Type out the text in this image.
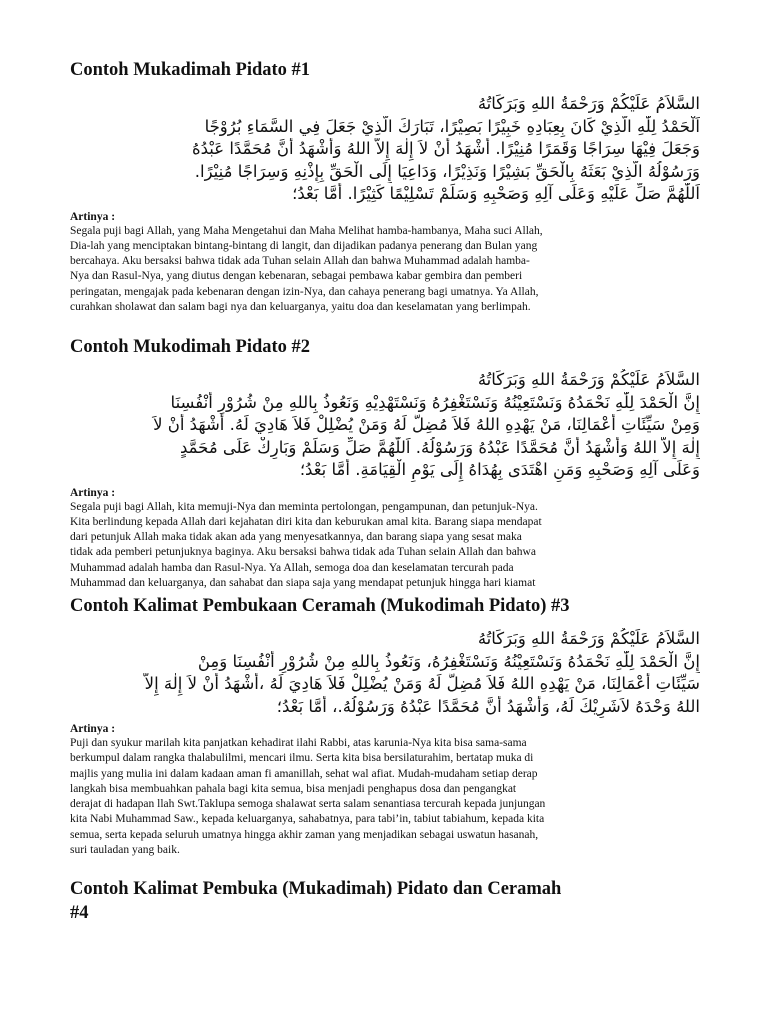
Contoh Mukadimah Pidato #1
السَّلاَمُ عَلَيْكُمْ وَرَحْمَةُ اللهِ وَبَرَكَاتُهُ
اَلْحَمْدُ لِلّٰهِ الَّذِيْ كَانَ بِعِبَادِهِ خَبِيْرًا بَصِيْرًا، تَبَارَكَ الَّذِيْ جَعَلَ فِي السَّمَاءِ بُرُوْجًا
وَجَعَلَ فِيْهَا سِرَاجًا وَقَمَرًا مُنِيْرًا. أَشْهَدُ أَنْ لاَ إِلٰهَ إِلاَّ اللهُ وَأَشْهَدُ أَنَّ مُحَمَّدًا عَبْدُهُ
وَرَسُوْلُهُ الَّذِيْ بَعَثَهُ بِالْحَقِّ بَشِيْرًا وَنَذِيْرًا، وَدَاعِيَا إِلَى الْحَقِّ بِإِذْنِهِ وَسِرَاجًا مُنِيْرًا.
اَللّٰهُمَّ صَلِّ عَلَيْهِ وَعَلَى آلِهِ وَصَحْبِهِ وَسَلِّمْ تَسْلِيْمًا كَثِيْرًا. أَمَّا بَعْدُ؛
Artinya :
Segala puji bagi Allah, yang Maha Mengetahui dan Maha Melihat hamba-hambanya, Maha suci Allah,
Dia-lah yang menciptakan bintang-bintang di langit, dan dijadikan padanya penerang dan Bulan yang
bercahaya. Aku bersaksi bahwa tidak ada Tuhan selain Allah dan bahwa Muhammad adalah hamba-
Nya dan Rasul-Nya, yang diutus dengan kebenaran, sebagai pembawa kabar gembira dan pemberi
peringatan, mengajak pada kebenaran dengan izin-Nya, dan cahaya penerang bagi umatnya. Ya Allah,
curahkan sholawat dan salam bagi nya dan keluarganya, yaitu doa dan keselamatan yang berlimpah.
Contoh Mukodimah Pidato #2
السَّلاَمُ عَلَيْكُمْ وَرَحْمَةُ اللهِ وَبَرَكَاتُهُ
إِنَّ الْحَمْدَ لِلّٰهِ نَحْمَدُهُ وَنَسْتَعِيْنُهُ وَنَسْتَغْفِرُهُ وَنَسْتَهْدِيْهِ وَنَعُوذُ بِاللهِ مِنْ شُرُوْرِ أَنْفُسِنَا
وَمِنْ سَيِّئَاتِ أَعْمَالِنَا، مَنْ يَهْدِهِ اللهُ فَلاَ مُضِلَّ لَهُ وَمَنْ يُضْلِلْ فَلاَ هَادِيَ لَهُ. أَشْهَدُ أَنْ لاَ
إِلٰهَ إِلاَّ اللهُ وَأَشْهَدُ أَنَّ مُحَمَّدًا عَبْدُهُ وَرَسُوْلُهُ. اَللّٰهُمَّ صَلِّ وَسَلِّمْ وَبَارِكْ عَلَى مُحَمَّدٍ
وَعَلَى آلِهِ وَصَحْبِهِ وَمَنِ اهْتَدَى بِهُدَاهُ إِلَى يَوْمِ الْقِيَامَةِ. أَمَّا بَعْدُ؛
Artinya :
Segala puji bagi Allah, kita memuji-Nya dan meminta pertolongan, pengampunan, dan petunjuk-Nya.
Kita berlindung kepada Allah dari kejahatan diri kita dan keburukan amal kita. Barang siapa mendapat
dari petunjuk Allah maka tidak akan ada yang menyesatkannya, dan barang siapa yang sesat maka
tidak ada pemberi petunjuknya baginya. Aku bersaksi bahwa tidak ada Tuhan selain Allah dan bahwa
Muhammad adalah hamba dan Rasul-Nya. Ya Allah, semoga doa dan keselamatan tercurah pada
Muhammad dan keluarganya, dan sahabat dan siapa saja yang mendapat petunjuk hingga hari kiamat
Contoh Kalimat Pembukaan Ceramah (Mukodimah Pidato) #3
السَّلاَمُ عَلَيْكُمْ وَرَحْمَةُ اللهِ وَبَرَكَاتُهُ
إِنَّ الْحَمْدَ لِلّٰهِ نَحْمَدُهُ وَنَسْتَعِيْنُهُ وَنَسْتَغْفِرُهُ، وَنَعُوذُ بِاللهِ مِنْ شُرُوْرِ أَنْفُسِنَا وَمِنْ
سَيِّئَاتِ أَعْمَالِنَا، مَنْ يَهْدِهِ اللهُ فَلاَ مُضِلَّ لَهُ وَمَنْ يُضْلِلْ فَلاَ هَادِيَ لَهُ ،أَشْهَدُ أَنْ لاَ إِلٰهَ إِلاَّ
اللهُ وَحْدَهُ لاَشَرِيْكَ لَهُ، وَأَشْهَدُ أَنَّ مُحَمَّدًا عَبْدُهُ وَرَسُوْلُهُ.، أَمَّا بَعْدُ؛
Artinya :
Puji dan syukur marilah kita panjatkan kehadirat ilahi Rabbi, atas karunia-Nya kita bisa sama-sama
berkumpul dalam rangka thalabulilmi, mencari ilmu. Serta kita bisa bersilaturahim, bertatap muka di
majlis yang mulia ini dalam kadaan aman fi amanillah, sehat wal afiat. Mudah-mudaham setiap derap
langkah bisa membuahkan pahala bagi kita semua, bisa menjadi penghapus dosa dan pengangkat
derajat di hadapan llah Swt.Taklupa semoga shalawat serta salam senantiasa tercurah kepada junjungan
kita Nabi Muhammad Saw., kepada keluarganya, sahabatnya, para tabi’in, tabiut tabiahum, kepada kita
semua, serta kepada seluruh umatnya hingga akhir zaman yang menjadikan sebagai uswatun hasanah,
suri tauladan yang baik.
Contoh Kalimat Pembuka (Mukadimah) Pidato dan Ceramah
#4
